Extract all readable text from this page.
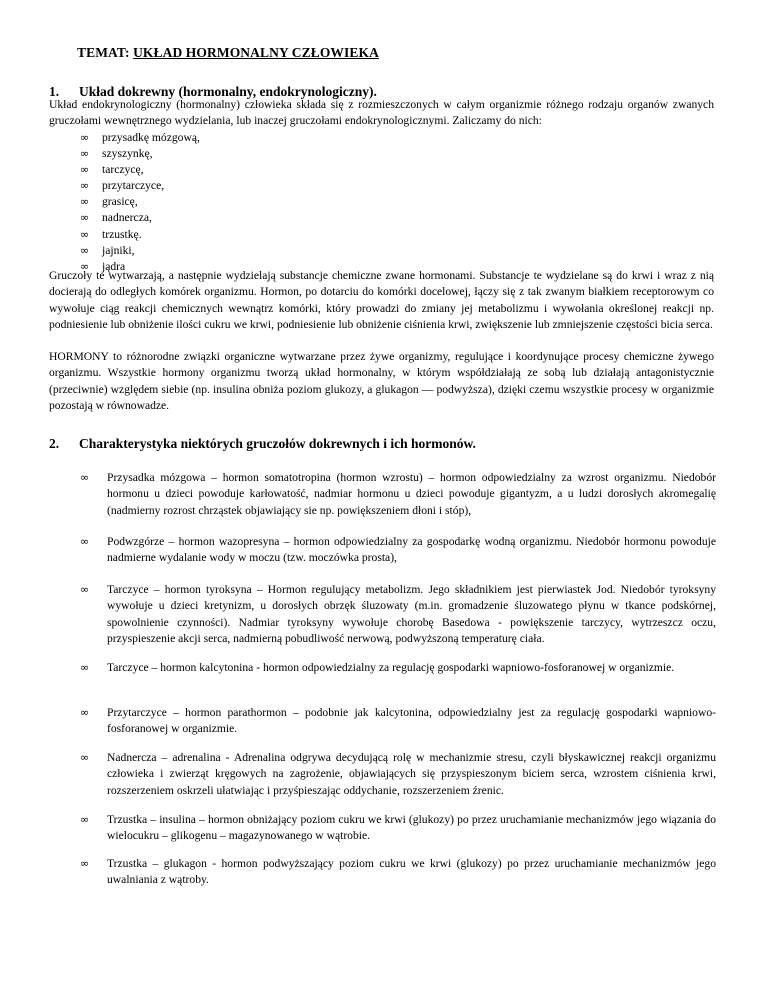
TEMAT: UKŁAD HORMONALNY CZŁOWIEKA
1. Układ dokrewny (hormonalny, endokrynologiczny).
Układ endokrynologiczny (hormonalny) człowieka składa się z rozmieszczonych w całym organizmie różnego rodzaju organów zwanych gruczołami wewnętrznego wydzielania, lub inaczej gruczołami endokrynologicznymi. Zaliczamy do nich:
∞ przysadkę mózgową,
∞ szyszynkę,
∞ tarczycę,
∞ przytarczyce,
∞ grasicę,
∞ nadnercza,
∞ trzustkę.
∞ jajniki,
∞ jądra
Gruczoły te wytwarzają, a następnie wydzielają substancje chemiczne zwane hormonami. Substancje te wydzielane są do krwi i wraz z nią docierają do odległych komórek organizmu. Hormon, po dotarciu do komórki docelowej, łączy się z tak zwanym białkiem receptorowym co wywołuje ciąg reakcji chemicznych wewnątrz komórki, który prowadzi do zmiany jej metabolizmu i wywołania określonej reakcji np. podniesienie lub obniżenie ilości cukru we krwi, podniesienie lub obniżenie ciśnienia krwi, zwiększenie lub zmniejszenie częstości bicia serca.
HORMONY to różnorodne związki organiczne wytwarzane przez żywe organizmy, regulujące i koordynujące procesy chemiczne żywego organizmu. Wszystkie hormony organizmu tworzą układ hormonalny, w którym współdziałają ze sobą lub działają antagonistycznie (przeciwnie) względem siebie (np. insulina obniża poziom glukozy, a glukagon — podwyższa), dzięki czemu wszystkie procesy w organizmie pozostają w równowadze.
2. Charakterystyka niektórych gruczołów dokrewnych i ich hormonów.
∞ Przysadka mózgowa – hormon somatotropina (hormon wzrostu) – hormon odpowiedzialny za wzrost organizmu. Niedobór hormonu u dzieci powoduje karłowatość, nadmiar hormonu u dzieci powoduje gigantyzm, a u ludzi dorosłych akromegalię (nadmierny rozrost chrząstek objawiający sie np. powiększeniem dłoni i stóp),
∞ Podwzgórze – hormon wazopresyna – hormon odpowiedzialny za gospodarkę wodną organizmu. Niedobór hormonu powoduje nadmierne wydalanie wody w moczu (tzw. moczówka prosta),
∞ Tarczyce – hormon tyroksyna – Hormon regulujący metabolizm. Jego składnikiem jest pierwiastek Jod. Niedobór tyroksyny wywołuje u dzieci kretynizm, u dorosłych obrzęk śluzowaty (m.in. gromadzenie śluzowatego płynu w tkance podskórnej, spowolnienie czynności). Nadmiar tyroksyny wywołuje chorobę Basedowa - powiększenie tarczycy, wytrzeszcz oczu, przyspieszenie akcji serca, nadmierną pobudliwość nerwową, podwyższoną temperaturę ciała.
∞ Tarczyce – hormon kalcytonina - hormon odpowiedzialny za regulację gospodarki wapniowo-fosforanowej w organizmie.
∞ Przytarczyce – hormon parathormon – podobnie jak kalcytonina, odpowiedzialny jest za regulację gospodarki wapniowo-fosforanowej w organizmie.
∞ Nadnercza – adrenalina - Adrenalina odgrywa decydującą rolę w mechanizmie stresu, czyli błyskawicznej reakcji organizmu człowieka i zwierząt kręgowych na zagrożenie, objawiających się przyspieszonym biciem serca, wzrostem ciśnienia krwi, rozszerzeniem oskrzeli ułatwiając i przyśpieszając oddychanie, rozszerzeniem źrenic.
∞ Trzustka – insulina – hormon obniżający poziom cukru we krwi (glukozy) po przez uruchamianie mechanizmów jego wiązania do wielocukru – glikogenu – magazynowanego w wątrobie.
∞ Trzustka – glukagon - hormon podwyższający poziom cukru we krwi (glukozy) po przez uruchamianie mechanizmów jego uwalniania z wątroby.
